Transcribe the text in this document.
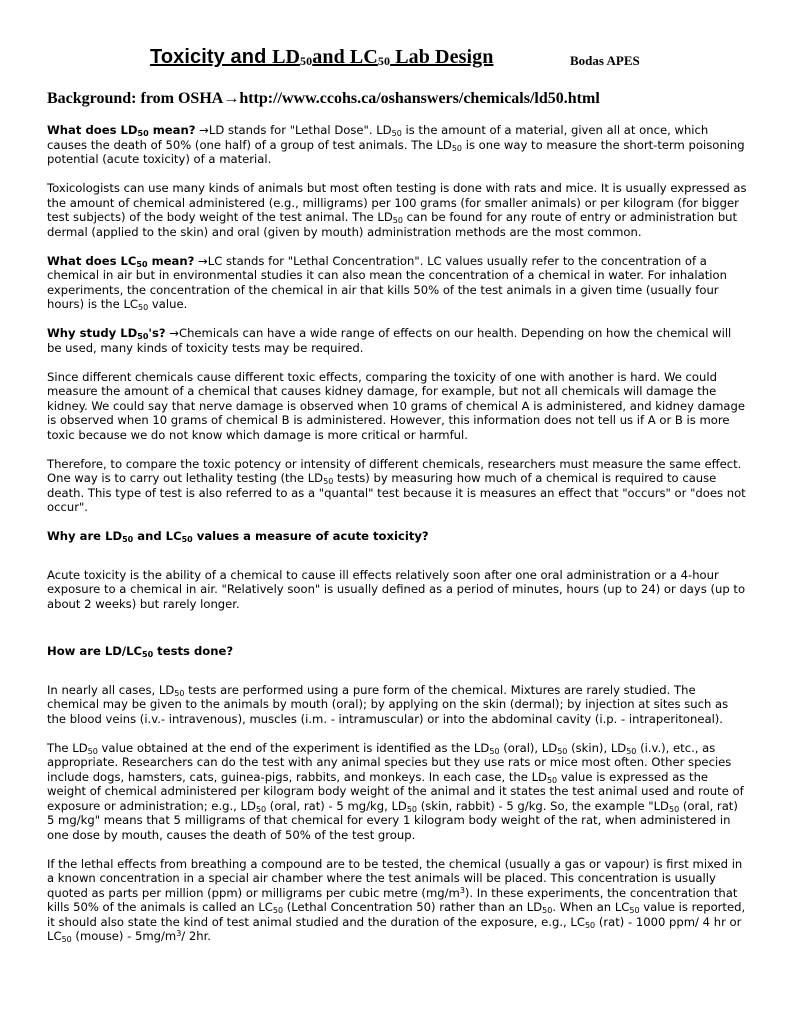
Toxicity and $LD_{50}and$ $LC_{50}$ Lab Design	Bodas APES
Background: from OSHA→http://www.ccohs.ca/oshanswers/chemicals/ld50.html

What does $LD_{50}$ mean? →LD stands for "Lethal Dose". $LD_{50}$ is the amount of a material, given all at once, which causes the death of 50% (one half) of a group of test animals. The $LD_{50}$ is one way to measure the short-term poisoning potential (acute toxicity) of a material.

Toxicologists can use many kinds of animals but most often testing is done with rats and mice. It is usually expressed as the amount of chemical administered (e.g., milligrams) per 100 grams (for smaller animals) or per kilogram (for bigger test subjects) of the body weight of the test animal. The $LD_{50}$ can be found for any route of entry or administration but dermal (applied to the skin) and oral (given by mouth) administration methods are the most common.

What does $LC_{50}$ mean? →LC stands for "Lethal Concentration". LC values usually refer to the concentration of a chemical in air but in environmental studies it can also mean the concentration of a chemical in water. For inhalation experiments, the concentration of the chemical in air that kills 50% of the test animals in a given time (usually four hours) is the $LC_{50}$ value.

Why study $LD_{50}'s$? →Chemicals can have a wide range of effects on our health. Depending on how the chemical will be used, many kinds of toxicity tests may be required.

Since different chemicals cause different toxic effects, comparing the toxicity of one with another is hard. We could measure the amount of a chemical that causes kidney damage, for example, but not all chemicals will damage the kidney. We could say that nerve damage is observed when 10 grams of chemical A is administered, and kidney damage is observed when 10 grams of chemical B is administered. However, this information does not tell us if A or B is more toxic because we do not know which damage is more critical or harmful.

Therefore, to compare the toxic potency or intensity of different chemicals, researchers must measure the same effect. One way is to carry out lethality testing (the $LD_{50}$ tests) by measuring how much of a chemical is required to cause death. This type of test is also referred to as a "quantal" test because it is measures an effect that "occurs" or "does not occur".

Why are $LD_{50}$ and $LC_{50}$ values a measure of acute toxicity?

Acute toxicity is the ability of a chemical to cause ill effects relatively soon after one oral administration or a 4-hour exposure to a chemical in air. "Relatively soon" is usually defined as a period of minutes, hours (up to 24) or days (up to about 2 weeks) but rarely longer.

How are $LD/LC_{50}$ tests done?

In nearly all cases, $LD_{50}$ tests are performed using a pure form of the chemical. Mixtures are rarely studied. The chemical may be given to the animals by mouth (oral); by applying on the skin (dermal); by injection at sites such as the blood veins (i.v.- intravenous), muscles (i.m. - intramuscular) or into the abdominal cavity (i.p. - intraperitoneal).

The $LD_{50}$ value obtained at the end of the experiment is identified as the $LD_{50}$ (oral), $LD_{50}$ (skin), $LD_{50}$ (i.v.), etc., as appropriate. Researchers can do the test with any animal species but they use rats or mice most often. Other species include dogs, hamsters, cats, guinea-pigs, rabbits, and monkeys. In each case, the $LD_{50}$ value is expressed as the weight of chemical administered per kilogram body weight of the animal and it states the test animal used and route of exposure or administration; e.g., $LD_{50}$ (oral, rat) - 5 mg/kg, $LD_{50}$ (skin, rabbit) - 5 g/kg. So, the example "$LD_{50}$ (oral, rat) 5 mg/kg" means that 5 milligrams of that chemical for every 1 kilogram body weight of the rat, when administered in one dose by mouth, causes the death of 50% of the test group.

If the lethal effects from breathing a compound are to be tested, the chemical (usually a gas or vapour) is first mixed in a known concentration in a special air chamber where the test animals will be placed. This concentration is usually quoted as parts per million (ppm) or milligrams per cubic metre $(mg/m^3)$. In these experiments, the concentration that kills 50% of the animals is called an $LC_{50}$ (Lethal Concentration 50) rather than an $LD_{50}$. When an $LC_{50}$ value is reported, it should also state the kind of test animal studied and the duration of the exposure, e.g., $LC_{50}$ (rat) - 1000 ppm/ 4 hr or $LC_{50}$ (mouse) - $5mg/m^3/$ 2hr.
